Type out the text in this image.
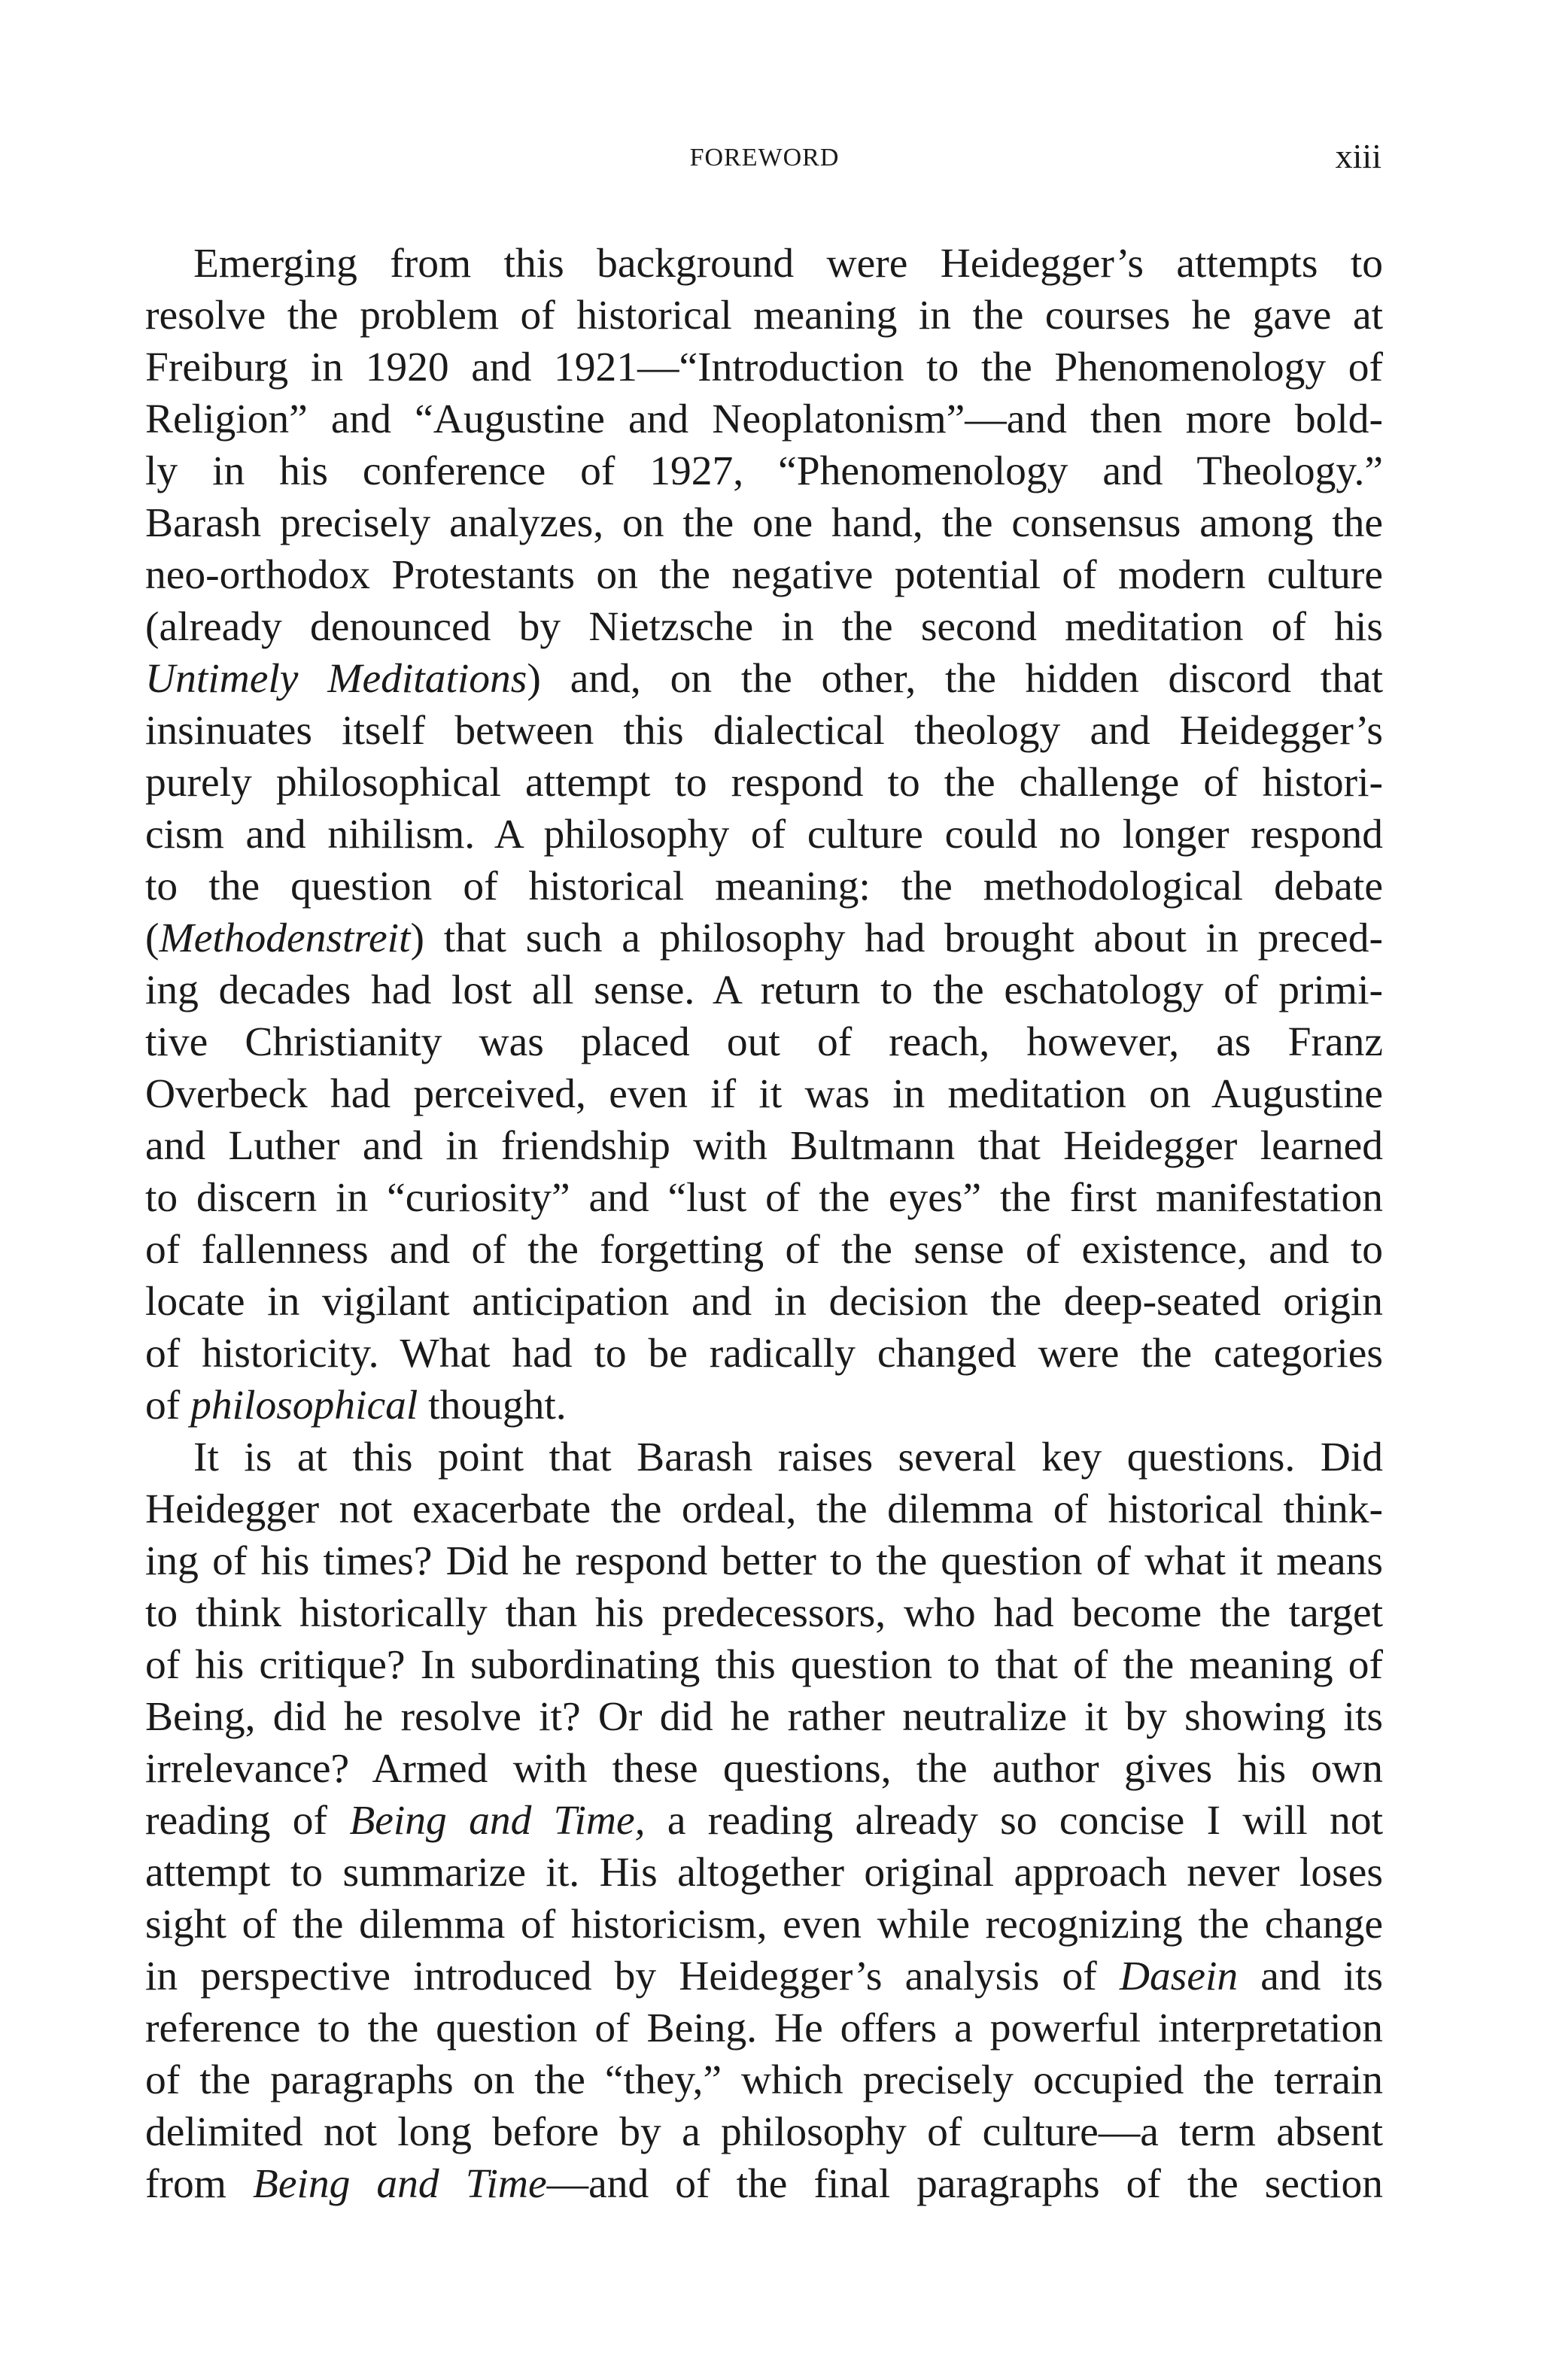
FOREWORD	xiii
Emerging from this background were Heidegger’s attempts to
resolve the problem of historical meaning in the courses he gave at
Freiburg in 1920 and 1921—“Introduction to the Phenomenology of
Religion” and “Augustine and Neoplatonism”—and then more bold-
ly in his conference of 1927, “Phenomenology and Theology.”
Barash precisely analyzes, on the one hand, the consensus among the
neo-orthodox Protestants on the negative potential of modern culture
(already denounced by Nietzsche in the second meditation of his
Untimely Meditations) and, on the other, the hidden discord that
insinuates itself between this dialectical theology and Heidegger’s
purely philosophical attempt to respond to the challenge of histori-
cism and nihilism. A philosophy of culture could no longer respond
to the question of historical meaning: the methodological debate
(Methodenstreit) that such a philosophy had brought about in preced-
ing decades had lost all sense. A return to the eschatology of primi-
tive Christianity was placed out of reach, however, as Franz
Overbeck had perceived, even if it was in meditation on Augustine
and Luther and in friendship with Bultmann that Heidegger learned
to discern in “curiosity” and “lust of the eyes” the first manifestation
of fallenness and of the forgetting of the sense of existence, and to
locate in vigilant anticipation and in decision the deep-seated origin
of historicity. What had to be radically changed were the categories
of philosophical thought.
It is at this point that Barash raises several key questions. Did
Heidegger not exacerbate the ordeal, the dilemma of historical think-
ing of his times? Did he respond better to the question of what it means
to think historically than his predecessors, who had become the target
of his critique? In subordinating this question to that of the meaning of
Being, did he resolve it? Or did he rather neutralize it by showing its
irrelevance? Armed with these questions, the author gives his own
reading of Being and Time, a reading already so concise I will not
attempt to summarize it. His altogether original approach never loses
sight of the dilemma of historicism, even while recognizing the change
in perspective introduced by Heidegger’s analysis of Dasein and its
reference to the question of Being. He offers a powerful interpretation
of the paragraphs on the “they,” which precisely occupied the terrain
delimited not long before by a philosophy of culture—a term absent
from Being and Time—and of the final paragraphs of the section
